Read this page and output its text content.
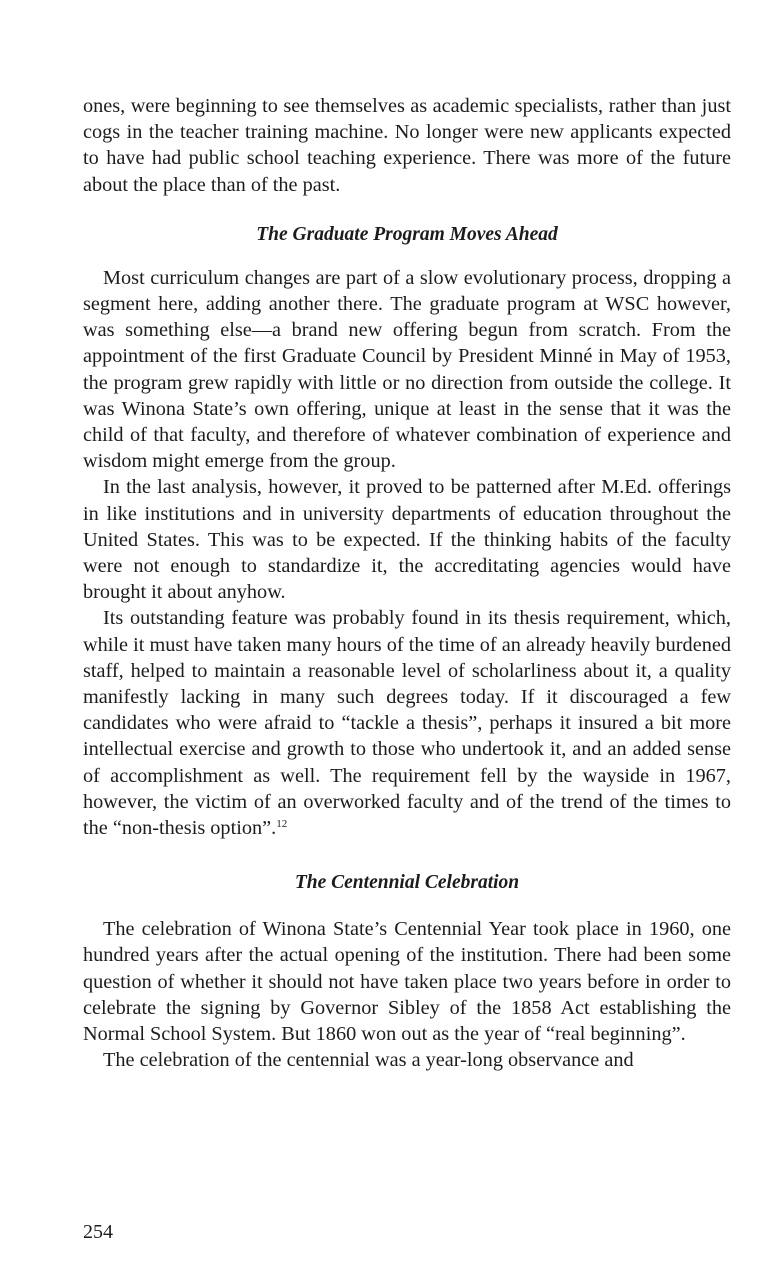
ones, were beginning to see themselves as academic specialists, rather than just cogs in the teacher training machine. No longer were new applicants expected to have had public school teaching experience. There was more of the future about the place than of the past.

The Graduate Program Moves Ahead

Most curriculum changes are part of a slow evolutionary process, dropping a segment here, adding another there. The graduate program at WSC however, was something else—a brand new offering begun from scratch. From the appointment of the first Graduate Council by President Minné in May of 1953, the program grew rapidly with little or no direction from outside the college. It was Winona State’s own offering, unique at least in the sense that it was the child of that faculty, and therefore of whatever combination of experience and wisdom might emerge from the group.

In the last analysis, however, it proved to be patterned after M.Ed. offerings in like institutions and in university departments of education throughout the United States. This was to be expected. If the thinking habits of the faculty were not enough to standardize it, the accreditating agencies would have brought it about anyhow.

Its outstanding feature was probably found in its thesis requirement, which, while it must have taken many hours of the time of an already heavily burdened staff, helped to maintain a reasonable level of scholarliness about it, a quality manifestly lacking in many such degrees today. If it discouraged a few candidates who were afraid to “tackle a thesis”, perhaps it insured a bit more intellectual exercise and growth to those who undertook it, and an added sense of accomplishment as well. The requirement fell by the wayside in 1967, however, the victim of an overworked faculty and of the trend of the times to the “non-thesis option”.$^{12}$

The Centennial Celebration

The celebration of Winona State’s Centennial Year took place in 1960, one hundred years after the actual opening of the institution. There had been some question of whether it should not have taken place two years before in order to celebrate the signing by Governor Sibley of the 1858 Act establishing the Normal School System. But 1860 won out as the year of “real beginning”.

The celebration of the centennial was a year-long observance and

254
